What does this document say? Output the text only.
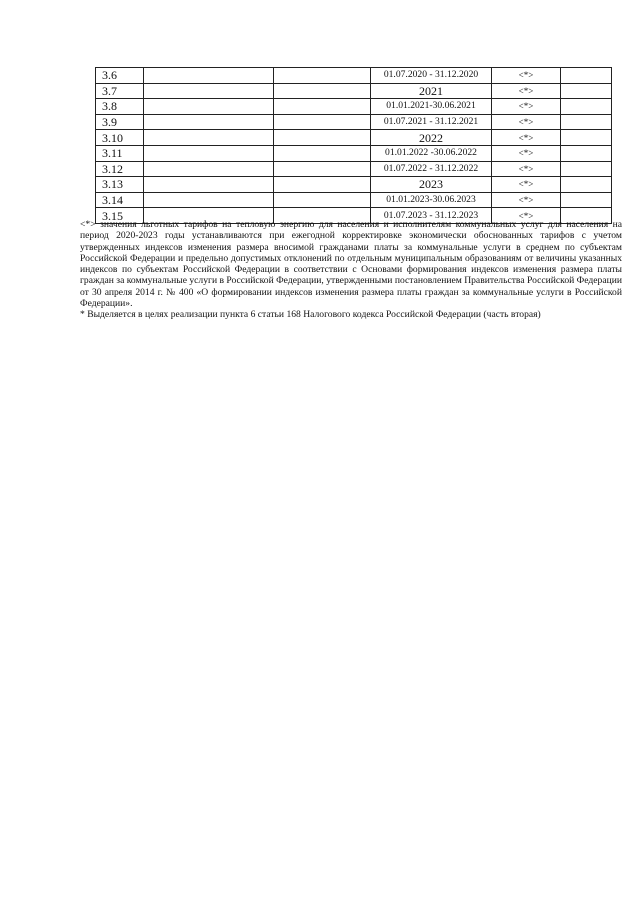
3.6			01.07.2020 - 31.12.2020	<*>	
3.7			2021	<*>	
3.8			01.01.2021-30.06.2021	<*>	
3.9			01.07.2021 - 31.12.2021	<*>	
3.10			2022	<*>	
3.11			01.01.2022 -30.06.2022	<*>	
3.12			01.07.2022 - 31.12.2022	<*>	
3.13			2023	<*>	
3.14			01.01.2023-30.06.2023	<*>	
3.15			01.07.2023 - 31.12.2023	<*>	

<*> значения льготных тарифов на тепловую энергию для населения и исполнителям коммунальных услуг для населения на период 2020-2023 годы устанавливаются при ежегодной корректировке экономически обоснованных тарифов с учетом утвержденных индексов изменения размера вносимой гражданами платы за коммунальные услуги в среднем по субъектам Российской Федерации и предельно допустимых отклонений по отдельным муниципальным образованиям от величины указанных индексов по субъектам Российской Федерации в соответствии с Основами формирования индексов изменения размера платы граждан за коммунальные услуги в Российской Федерации, утвержденными постановлением Правительства Российской Федерации от 30 апреля 2014 г. № 400 «О формировании индексов изменения размера платы граждан за коммунальные услуги в Российской Федерации».

* Выделяется в целях реализации пункта 6 статьи 168 Налогового кодекса Российской Федерации (часть вторая)
